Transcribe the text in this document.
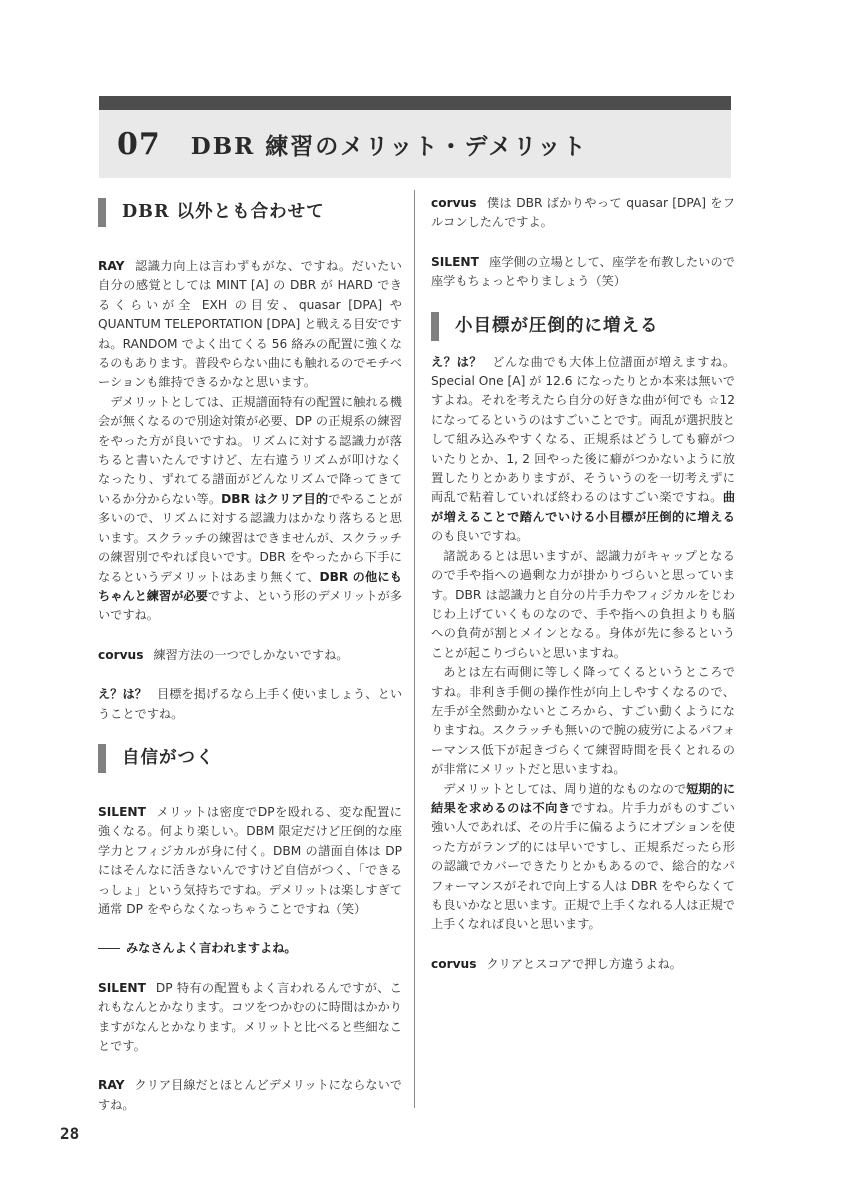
07 DBR 練習のメリット・デメリット
DBR 以外とも合わせて

RAY 認識力向上は言わずもがな、ですね。だいたい自分の感覚としては MINT [A] の DBR が HARD できるくらいが全 EXH の目安、quasar [DPA] や QUANTUM TELEPORTATION [DPA] と戦える目安ですね。RANDOM でよく出てくる 56 絡みの配置に強くなるのもあります。普段やらない曲にも触れるのでモチベーションも維持できるかなと思います。

デメリットとしては、正規譜面特有の配置に触れる機会が無くなるので別途対策が必要、DP の正規系の練習をやった方が良いですね。リズムに対する認識力が落ちると書いたんですけど、左右違うリズムが叩けなくなったり、ずれてる譜面がどんなリズムで降ってきているか分からない等。DBR はクリア目的でやることが多いので、リズムに対する認識力はかなり落ちると思います。スクラッチの練習はできませんが、スクラッチの練習別でやれば良いです。DBR をやったから下手になるというデメリットはあまり無くて、DBR の他にもちゃんと練習が必要ですよ、という形のデメリットが多いですね。

corvus 練習方法の一つでしかないですね。

え？は？ 目標を掲げるなら上手く使いましょう、ということですね。

自信がつく

SILENT メリットは密度でDPを殴れる、変な配置に強くなる。何より楽しい。DBM 限定だけど圧倒的な座学力とフィジカルが身に付く。DBM の譜面自体は DP にはそんなに活きないんですけど自信がつく、「できるっしょ」という気持ちですね。デメリットは楽しすぎて通常 DP をやらなくなっちゃうことですね（笑）

みなさんよく言われますよね。

SILENT DP 特有の配置もよく言われるんですが、これもなんとかなります。コツをつかむのに時間はかかりますがなんとかなります。メリットと比べると些細なことです。

RAY クリア目線だとほとんどデメリットにならないですね。

corvus 僕は DBR ばかりやって quasar [DPA] をフルコンしたんですよ。

SILENT 座学側の立場として、座学を布教したいので座学もちょっとやりましょう（笑）

小目標が圧倒的に増える

え？は？ どんな曲でも大体上位譜面が増えますね。Special One [A] が 12.6 になったりとか本来は無いですよね。それを考えたら自分の好きな曲が何でも ☆12 になってるというのはすごいことです。両乱が選択肢として組み込みやすくなる、正規系はどうしても癖がついたりとか、1, 2 回やった後に癖がつかないように放置したりとかありますが、そういうのを一切考えずに両乱で粘着していれば終わるのはすごい楽ですね。曲が増えることで踏んでいける小目標が圧倒的に増えるのも良いですね。

諸説あるとは思いますが、認識力がキャップとなるので手や指への過剰な力が掛かりづらいと思っています。DBR は認識力と自分の片手力やフィジカルをじわじわ上げていくものなので、手や指への負担よりも脳への負荷が割とメインとなる。身体が先に参るということが起こりづらいと思いますね。

あとは左右両側に等しく降ってくるというところですね。非利き手側の操作性が向上しやすくなるので、左手が全然動かないところから、すごい動くようになりますね。スクラッチも無いので腕の疲労によるパフォーマンス低下が起きづらくて練習時間を長くとれるのが非常にメリットだと思いますね。

デメリットとしては、周り道的なものなので短期的に結果を求めるのは不向きですね。片手力がものすごい強い人であれば、その片手に偏るようにオプションを使った方がランプ的には早いですし、正規系だったら形の認識でカバーできたりとかもあるので、総合的なパフォーマンスがそれで向上する人は DBR をやらなくても良いかなと思います。正規で上手くなれる人は正規で上手くなれば良いと思います。

corvus クリアとスコアで押し方違うよね。

28
